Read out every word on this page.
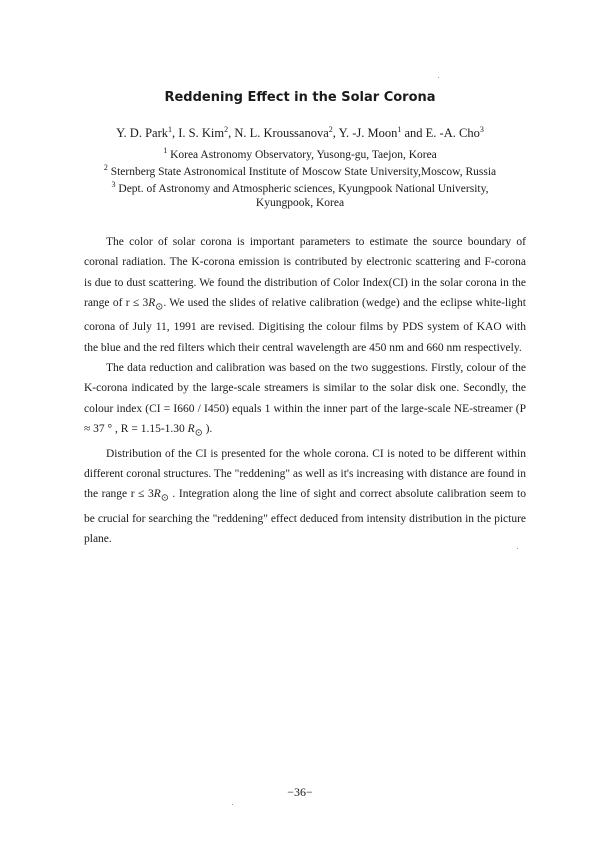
Reddening Effect in the Solar Corona
Y. D. Park$^1$, I. S. Kim$^2$, N. L. Kroussanova$^2$, Y. -J. Moon$^1$ and E. -A. Cho$^3$
$^1$ Korea Astronomy Observatory, Yusong-gu, Taejon, Korea
$^2$ Sternberg State Astronomical Institute of Moscow State University,Moscow, Russia
$^3$ Dept. of Astronomy and Atmospheric sciences, Kyungpook National University,
Kyungpook, Korea

The color of solar corona is important parameters to estimate the source boundary of coronal radiation. The K-corona emission is contributed by electronic scattering and F-corona is due to dust scattering. We found the distribution of Color Index(CI) in the solar corona in the range of $r \le 3R_⊙$. We used the slides of relative calibration (wedge) and the eclipse white-light corona of July 11, 1991 are revised. Digitising the colour films by PDS system of KAO with the blue and the red filters which their central wavelength are 450 nm and 660 nm respectively.

The data reduction and calibration was based on the two suggestions. Firstly, colour of the K-corona indicated by the large-scale streamers is similar to the solar disk one. Secondly, the colour index (CI = I660 / I450) equals 1 within the inner part of the large-scale NE-streamer (P ≈ 37 ° , R = 1.15-1.30 $R_⊙$ ).

Distribution of the CI is presented for the whole corona. CI is noted to be different within different coronal structures. The "reddening" as well as it's increasing with distance are found in the range $r \le 3R_⊙$ . Integration along the line of sight and correct absolute calibration seem to be crucial for searching the "reddening" effect deduced from intensity distribution in the picture plane.

−36−
